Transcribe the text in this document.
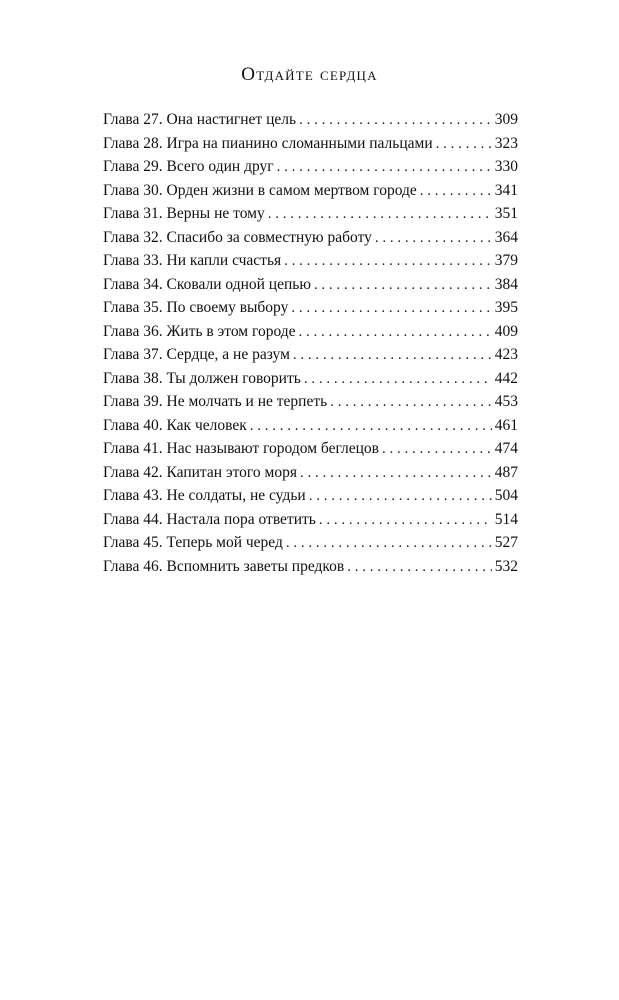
Отдайте сердца
Глава 27. Она настигнет цель . . .	309
Глава 28. Игра на пианино сломанными пальцами . . .	323
Глава 29. Всего один друг . . .	330
Глава 30. Орден жизни в самом мертвом городе . . .	341
Глава 31. Верны не тому . . .	351
Глава 32. Спасибо за совместную работу . . .	364
Глава 33. Ни капли счастья . . .	379
Глава 34. Сковали одной цепью . . .	384
Глава 35. По своему выбору . . .	395
Глава 36. Жить в этом городе . . .	409
Глава 37. Сердце, а не разум . . .	423
Глава 38. Ты должен говорить . . .	442
Глава 39. Не молчать и не терпеть . . .	453
Глава 40. Как человек . . .	461
Глава 41. Нас называют городом беглецов . . .	474
Глава 42. Капитан этого моря . . .	487
Глава 43. Не солдаты, не судьи . . .	504
Глава 44. Настала пора ответить . . .	514
Глава 45. Теперь мой черед . . .	527
Глава 46. Вспомнить заветы предков . . .	532
